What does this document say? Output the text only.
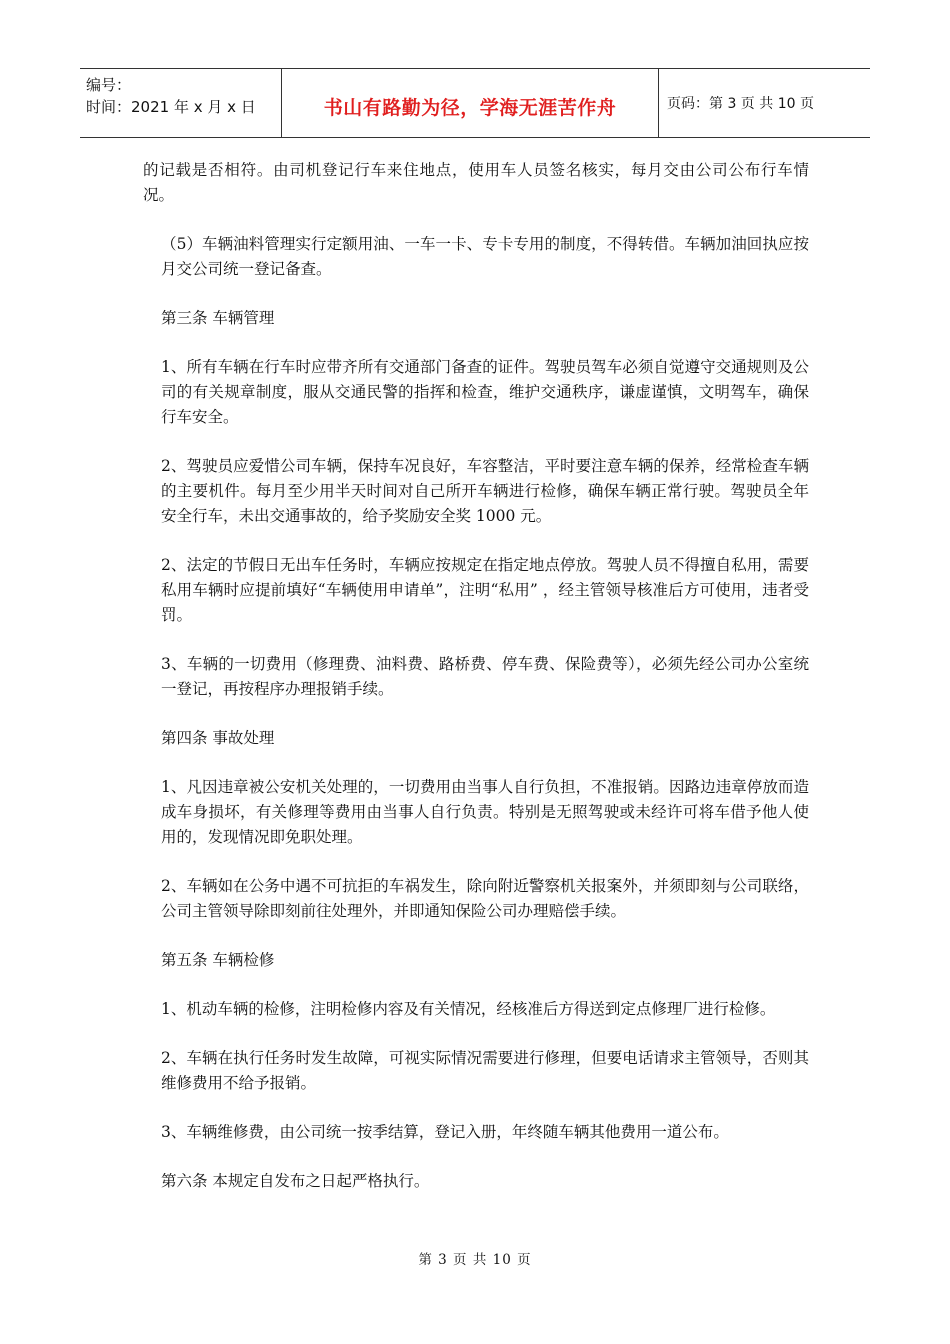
编号：
时间：2021 年 x 月 x 日	书山有路勤为径，学海无涯苦作舟	页码：第 3 页 共 10 页

的记载是否相符。由司机登记行车来住地点，使用车人员签名核实，每月交由公司公布行车情况。

（5）车辆油料管理实行定额用油、一车一卡、专卡专用的制度，不得转借。车辆加油回执应按月交公司统一登记备查。

第三条 车辆管理

1、所有车辆在行车时应带齐所有交通部门备查的证件。驾驶员驾车必须自觉遵守交通规则及公司的有关规章制度，服从交通民警的指挥和检查，维护交通秩序，谦虚谨慎，文明驾车，确保行车安全。

2、驾驶员应爱惜公司车辆，保持车况良好，车容整洁，平时要注意车辆的保养，经常检查车辆的主要机件。每月至少用半天时间对自己所开车辆进行检修，确保车辆正常行驶。驾驶员全年安全行车，未出交通事故的，给予奖励安全奖 1000 元。

2、法定的节假日无出车任务时，车辆应按规定在指定地点停放。驾驶人员不得擅自私用，需要私用车辆时应提前填好“车辆使用申请单”，注明“私用” ，经主管领导核准后方可使用，违者受罚。

3、车辆的一切费用（修理费、油料费、路桥费、停车费、保险费等），必须先经公司办公室统一登记，再按程序办理报销手续。

第四条 事故处理

1、凡因违章被公安机关处理的，一切费用由当事人自行负担，不准报销。因路边违章停放而造成车身损坏，有关修理等费用由当事人自行负责。特别是无照驾驶或未经许可将车借予他人使用的，发现情况即免职处理。

2、车辆如在公务中遇不可抗拒的车祸发生，除向附近警察机关报案外，并须即刻与公司联络，公司主管领导除即刻前往处理外，并即通知保险公司办理赔偿手续。

第五条 车辆检修

1、机动车辆的检修，注明检修内容及有关情况，经核准后方得送到定点修理厂进行检修。

2、车辆在执行任务时发生故障，可视实际情况需要进行修理，但要电话请求主管领导，否则其维修费用不给予报销。

3、车辆维修费，由公司统一按季结算，登记入册，年终随车辆其他费用一道公布。

第六条 本规定自发布之日起严格执行。

第 3 页 共 10 页
